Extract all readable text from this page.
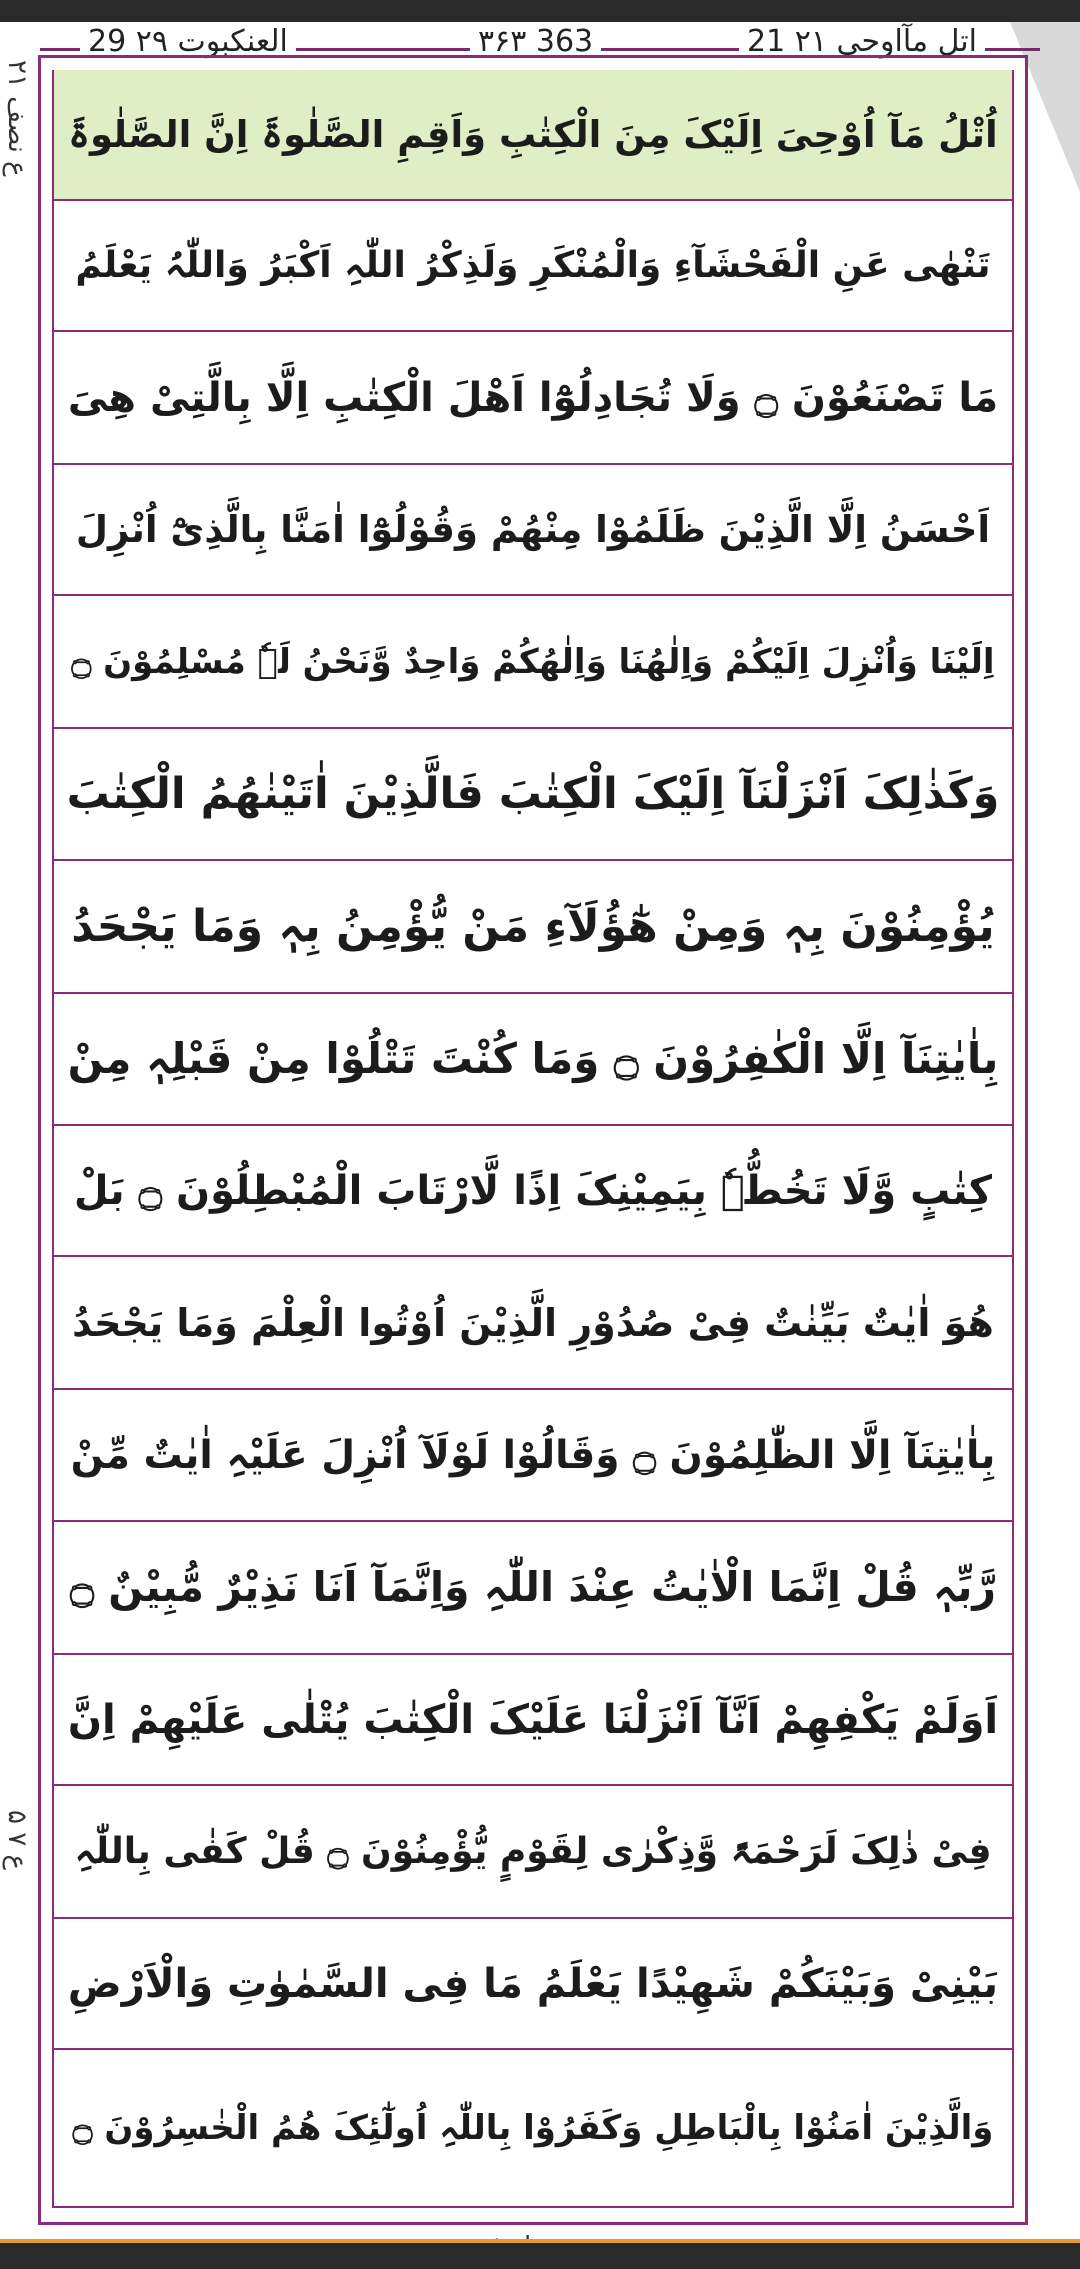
29 العنکبوت ۲۹	۳۶۳ 363	21 اتل مآاوحی ۲۱
۲۱ ع نصف
۵ ع ۷
اُتْلُ مَآ اُوْحِیَ اِلَیْکَ مِنَ الْکِتٰبِ وَاَقِمِ الصَّلٰوۃَ اِنَّ الصَّلٰوۃَ
تَنْھٰی عَنِ الْفَحْشَآءِ وَالْمُنْکَرِ وَلَذِکْرُ اللّٰہِ اَکْبَرُ وَاللّٰہُ یَعْلَمُ
مَا تَصْنَعُوْنَ ۝ وَلَا تُجَادِلُوْٓا اَھْلَ الْکِتٰبِ اِلَّا بِالَّتِیْ ھِیَ
اَحْسَنُ اِلَّا الَّذِیْنَ ظَلَمُوْا مِنْھُمْ وَقُوْلُوْٓا اٰمَنَّا بِالَّذِیْٓ اُنْزِلَ
اِلَیْنَا وَاُنْزِلَ اِلَیْکُمْ وَاِلٰھُنَا وَاِلٰھُکُمْ وَاحِدٌ وَّنَحْنُ لَہٗ مُسْلِمُوْنَ ۝
وَکَذٰلِکَ اَنْزَلْنَآ اِلَیْکَ الْکِتٰبَ فَالَّذِیْنَ اٰتَیْنٰھُمُ الْکِتٰبَ
یُؤْمِنُوْنَ بِہٖ وَمِنْ ھٰٓؤُلَآءِ مَنْ یُّؤْمِنُ بِہٖ وَمَا یَجْحَدُ
بِاٰیٰتِنَآ اِلَّا الْکٰفِرُوْنَ ۝ وَمَا کُنْتَ تَتْلُوْا مِنْ قَبْلِہٖ مِنْ
کِتٰبٍ وَّلَا تَخُطُّہٗ بِیَمِیْنِکَ اِذًا لَّارْتَابَ الْمُبْطِلُوْنَ ۝ بَلْ
ھُوَ اٰیٰتٌ بَیِّنٰتٌ فِیْ صُدُوْرِ الَّذِیْنَ اُوْتُوا الْعِلْمَ وَمَا یَجْحَدُ
بِاٰیٰتِنَآ اِلَّا الظّٰلِمُوْنَ ۝ وَقَالُوْا لَوْلَآ اُنْزِلَ عَلَیْہِ اٰیٰتٌ مِّنْ
رَّبِّہٖ قُلْ اِنَّمَا الْاٰیٰتُ عِنْدَ اللّٰہِ وَاِنَّمَآ اَنَا نَذِیْرٌ مُّبِیْنٌ ۝
اَوَلَمْ یَکْفِھِمْ اَنَّآ اَنْزَلْنَا عَلَیْکَ الْکِتٰبَ یُتْلٰی عَلَیْھِمْ اِنَّ
فِیْ ذٰلِکَ لَرَحْمَۃً وَّذِکْرٰی لِقَوْمٍ یُّؤْمِنُوْنَ ۝ قُلْ کَفٰی بِاللّٰہِ
بَیْنِیْ وَبَیْنَکُمْ شَھِیْدًا یَعْلَمُ مَا فِی السَّمٰوٰتِ وَالْاَرْضِ
وَالَّذِیْنَ اٰمَنُوْا بِالْبَاطِلِ وَکَفَرُوْا بِاللّٰہِ اُولٰٓئِکَ ھُمُ الْخٰسِرُوْنَ ۝
